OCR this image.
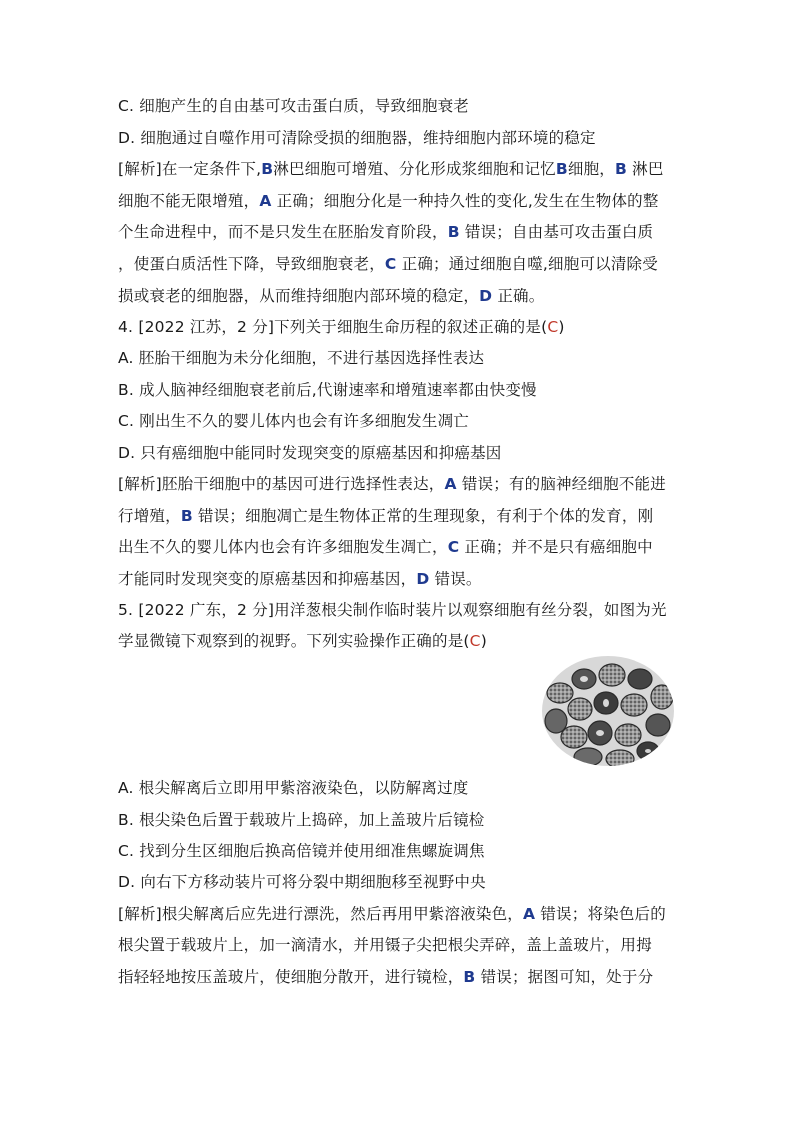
C. 细胞产生的自由基可攻击蛋白质，导致细胞衰老
D. 细胞通过自噬作用可清除受损的细胞器，维持细胞内部环境的稳定
[解析]在一定条件下,B淋巴细胞可增殖、分化形成浆细胞和记忆B细胞，B 淋巴
细胞不能无限增殖，A 正确；细胞分化是一种持久性的变化,发生在生物体的整
个生命进程中，而不是只发生在胚胎发育阶段，B 错误；自由基可攻击蛋白质
，使蛋白质活性下降，导致细胞衰老，C 正确；通过细胞自噬,细胞可以清除受
损或衰老的细胞器，从而维持细胞内部环境的稳定，D 正确。
4. [2022 江苏，2 分]下列关于细胞生命历程的叙述正确的是(C)
A. 胚胎干细胞为未分化细胞，不进行基因选择性表达
B. 成人脑神经细胞衰老前后,代谢速率和增殖速率都由快变慢
C. 刚出生不久的婴儿体内也会有许多细胞发生凋亡
D. 只有癌细胞中能同时发现突变的原癌基因和抑癌基因
[解析]胚胎干细胞中的基因可进行选择性表达，A 错误；有的脑神经细胞不能进
行增殖，B 错误；细胞凋亡是生物体正常的生理现象，有利于个体的发育，刚
出生不久的婴儿体内也会有许多细胞发生凋亡，C 正确；并不是只有癌细胞中
才能同时发现突变的原癌基因和抑癌基因，D 错误。
5. [2022 广东，2 分]用洋葱根尖制作临时装片以观察细胞有丝分裂，如图为光
学显微镜下观察到的视野。下列实验操作正确的是(C)
A. 根尖解离后立即用甲紫溶液染色，以防解离过度
B. 根尖染色后置于载玻片上捣碎，加上盖玻片后镜检
C. 找到分生区细胞后换高倍镜并使用细准焦螺旋调焦
D. 向右下方移动装片可将分裂中期细胞移至视野中央
[解析]根尖解离后应先进行漂洗，然后再用甲紫溶液染色，A 错误；将染色后的
根尖置于载玻片上，加一滴清水，并用镊子尖把根尖弄碎，盖上盖玻片，用拇
指轻轻地按压盖玻片，使细胞分散开，进行镜检，B 错误；据图可知，处于分
